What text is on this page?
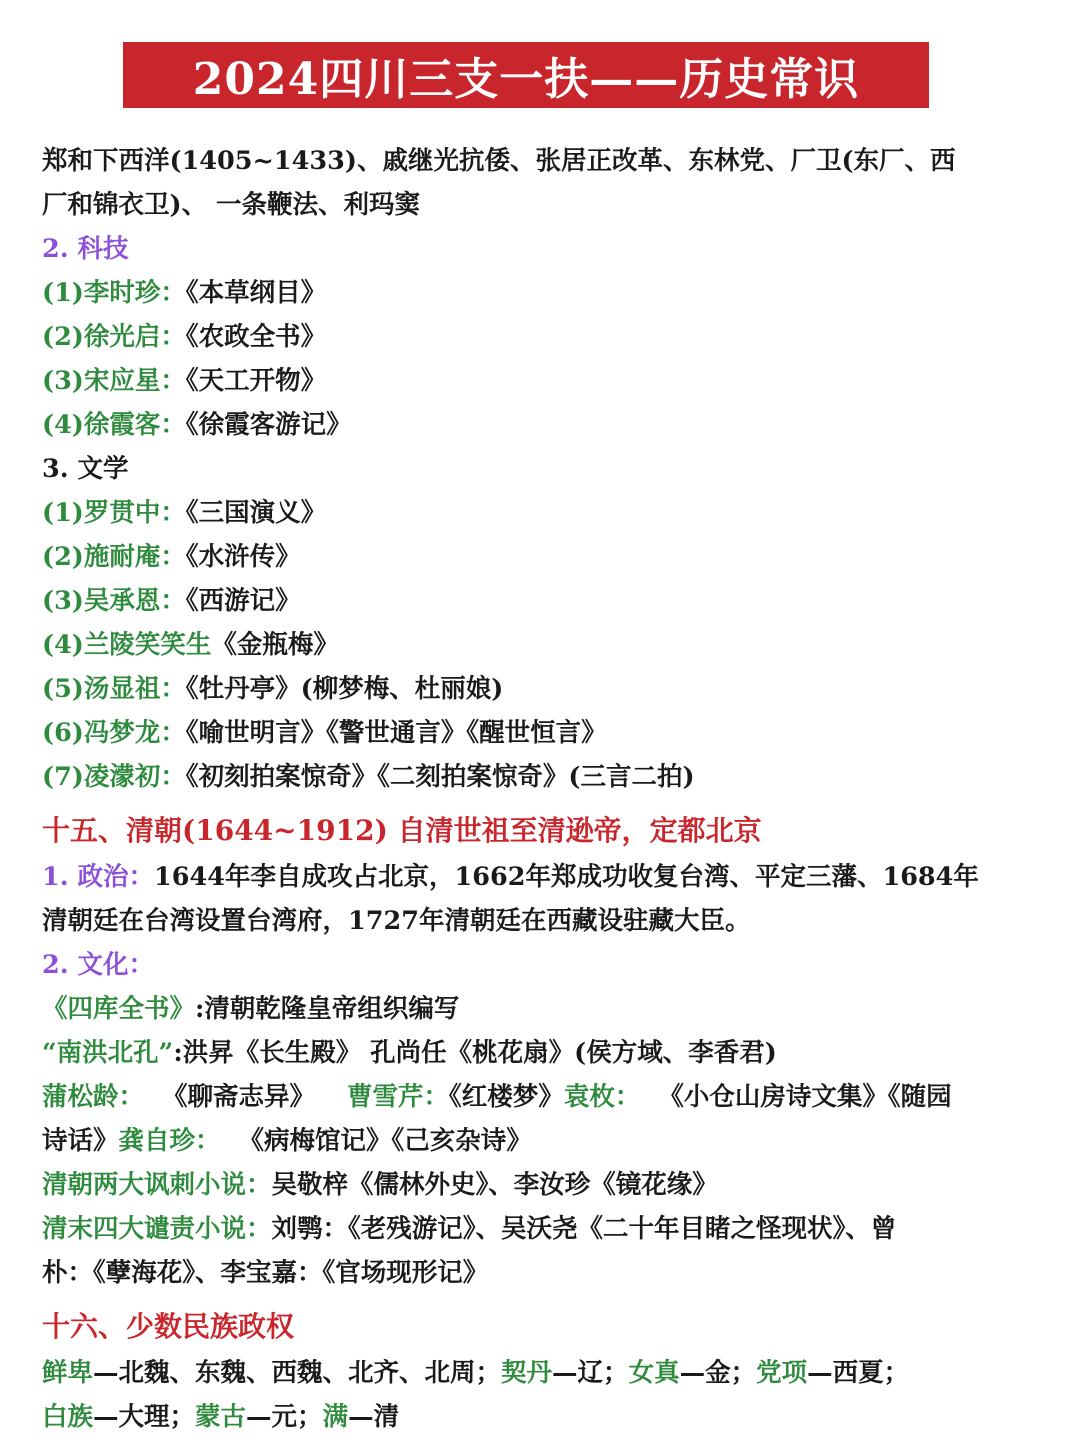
2024四川三支一扶——历史常识
郑和下西洋(1405~1433)、戚继光抗倭、张居正改革、东林党、厂卫(东厂、西
厂和锦衣卫)、 一条鞭法、利玛窦
2. 科技
(1)李时珍：《本草纲目》
(2)徐光启：《农政全书》
(3)宋应星：《天工开物》
(4)徐霞客：《徐霞客游记》
3. 文学
(1)罗贯中：《三国演义》
(2)施耐庵：《水浒传》
(3)吴承恩：《西游记》
(4)兰陵笑笑生《金瓶梅》
(5)汤显祖：《牡丹亭》(柳梦梅、杜丽娘)
(6)冯梦龙：《喻世明言》《警世通言》《醒世恒言》
(7)凌濛初：《初刻拍案惊奇》《二刻拍案惊奇》(三言二拍)
十五、清朝(1644~1912) 自清世祖至清逊帝，定都北京
1. 政治：1644年李自成攻占北京，1662年郑成功收复台湾、平定三藩、1684年
清朝廷在台湾设置台湾府，1727年清朝廷在西藏设驻藏大臣。
2. 文化：
《四库全书》:清朝乾隆皇帝组织编写
“南洪北孔”:洪昇《长生殿》 孔尚任《桃花扇》(侯方域、李香君)
蒲松龄： 《聊斋志异》 曹雪芹：《红楼梦》袁枚： 《小仓山房诗文集》《随园
诗话》龚自珍： 《病梅馆记》《己亥杂诗》
清朝两大讽刺小说：吴敬梓《儒林外史》、李汝珍《镜花缘》
清末四大谴责小说：刘鹗：《老残游记》、吴沃尧《二十年目睹之怪现状》、曾
朴：《孽海花》、李宝嘉：《官场现形记》
十六、少数民族政权
鲜卑—北魏、东魏、西魏、北齐、北周；契丹—辽；女真—金；党项—西夏；
白族—大理；蒙古—元；满—清
